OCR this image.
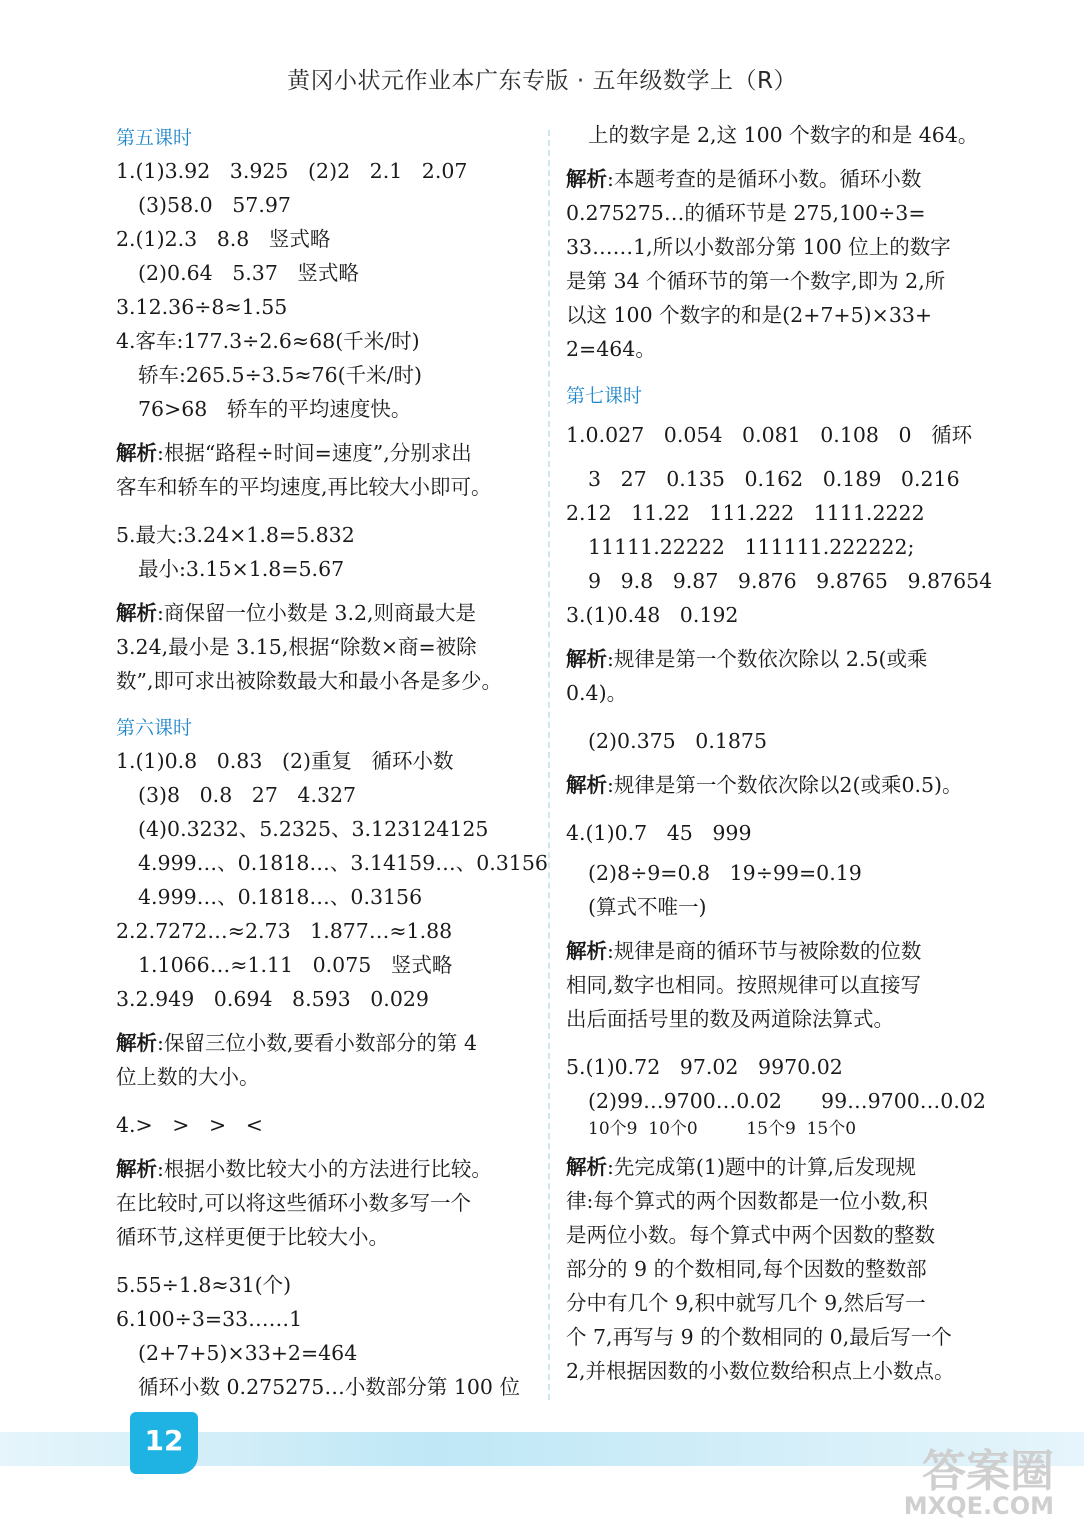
黄冈小状元作业本广东专版 · 五年级数学上（R）
第五课时
1.(1)3.92   3.925   (2)2   2.1   2.07
(3)58.0   57.97
2.(1)2.3   8.8   竖式略
(2)0.64   5.37   竖式略
3.12.36÷8≈1.55
4.客车:177.3÷2.6≈68(千米/时)
轿车:265.5÷3.5≈76(千米/时)
76>68   轿车的平均速度快。
解析:根据“路程÷时间=速度”,分别求出
客车和轿车的平均速度,再比较大小即可。
5.最大:3.24×1.8=5.832
最小:3.15×1.8=5.67
解析:商保留一位小数是 3.2,则商最大是
3.24,最小是 3.15,根据“除数×商=被除
数”,即可求出被除数最大和最小各是多少。
第六课时
1.(1)0.8   0.83   (2)重复   循环小数
(3)8   0.8   27   4.327
(4)0.3232、5.2325、3.123124125
4.999…、0.1818…、3.14159…、0.3156
4.999…、0.1818…、0.3156
2.2.7272…≈2.73   1.877…≈1.88
1.1066…≈1.11   0.075   竖式略
3.2.949   0.694   8.593   0.029
解析:保留三位小数,要看小数部分的第 4
位上数的大小。
4.>   >   >   <
解析:根据小数比较大小的方法进行比较。
在比较时,可以将这些循环小数多写一个
循环节,这样更便于比较大小。
5.55÷1.8≈31(个)
6.100÷3=33……1
(2+7+5)×33+2=464
循环小数 0.275275…小数部分第 100 位
上的数字是 2,这 100 个数字的和是 464。
解析:本题考查的是循环小数。循环小数
0.275275…的循环节是 275,100÷3=
33……1,所以小数部分第 100 位上的数字
是第 34 个循环节的第一个数字,即为 2,所
以这 100 个数字的和是(2+7+5)×33+
2=464。
第七课时
1.0.027   0.054   0.081   0.108   0   循环
3   27   0.135   0.162   0.189   0.216
2.12   11.22   111.222   1111.2222
11111.22222   111111.222222;
9   9.8   9.87   9.876   9.8765   9.87654
3.(1)0.48   0.192
解析:规律是第一个数依次除以 2.5(或乘
0.4)。
(2)0.375   0.1875
解析:规律是第一个数依次除以2(或乘0.5)。
4.(1)0.7   45   999
(2)8÷9=0.8   19÷99=0.19
(算式不唯一)
解析:规律是商的循环节与被除数的位数
相同,数字也相同。按照规律可以直接写
出后面括号里的数及两道除法算式。
5.(1)0.72   97.02   9970.02
(2)99…9700…0.02      99…9700…0.02
10个9  10个0         15个9  15个0
解析:先完成第(1)题中的计算,后发现规
律:每个算式的两个因数都是一位小数,积
是两位小数。每个算式中两个因数的整数
部分的 9 的个数相同,每个因数的整数部
分中有几个 9,积中就写几个 9,然后写一
个 7,再写与 9 的个数相同的 0,最后写一个
2,并根据因数的小数位数给积点上小数点。
12
答案圈
MXQE.COM
